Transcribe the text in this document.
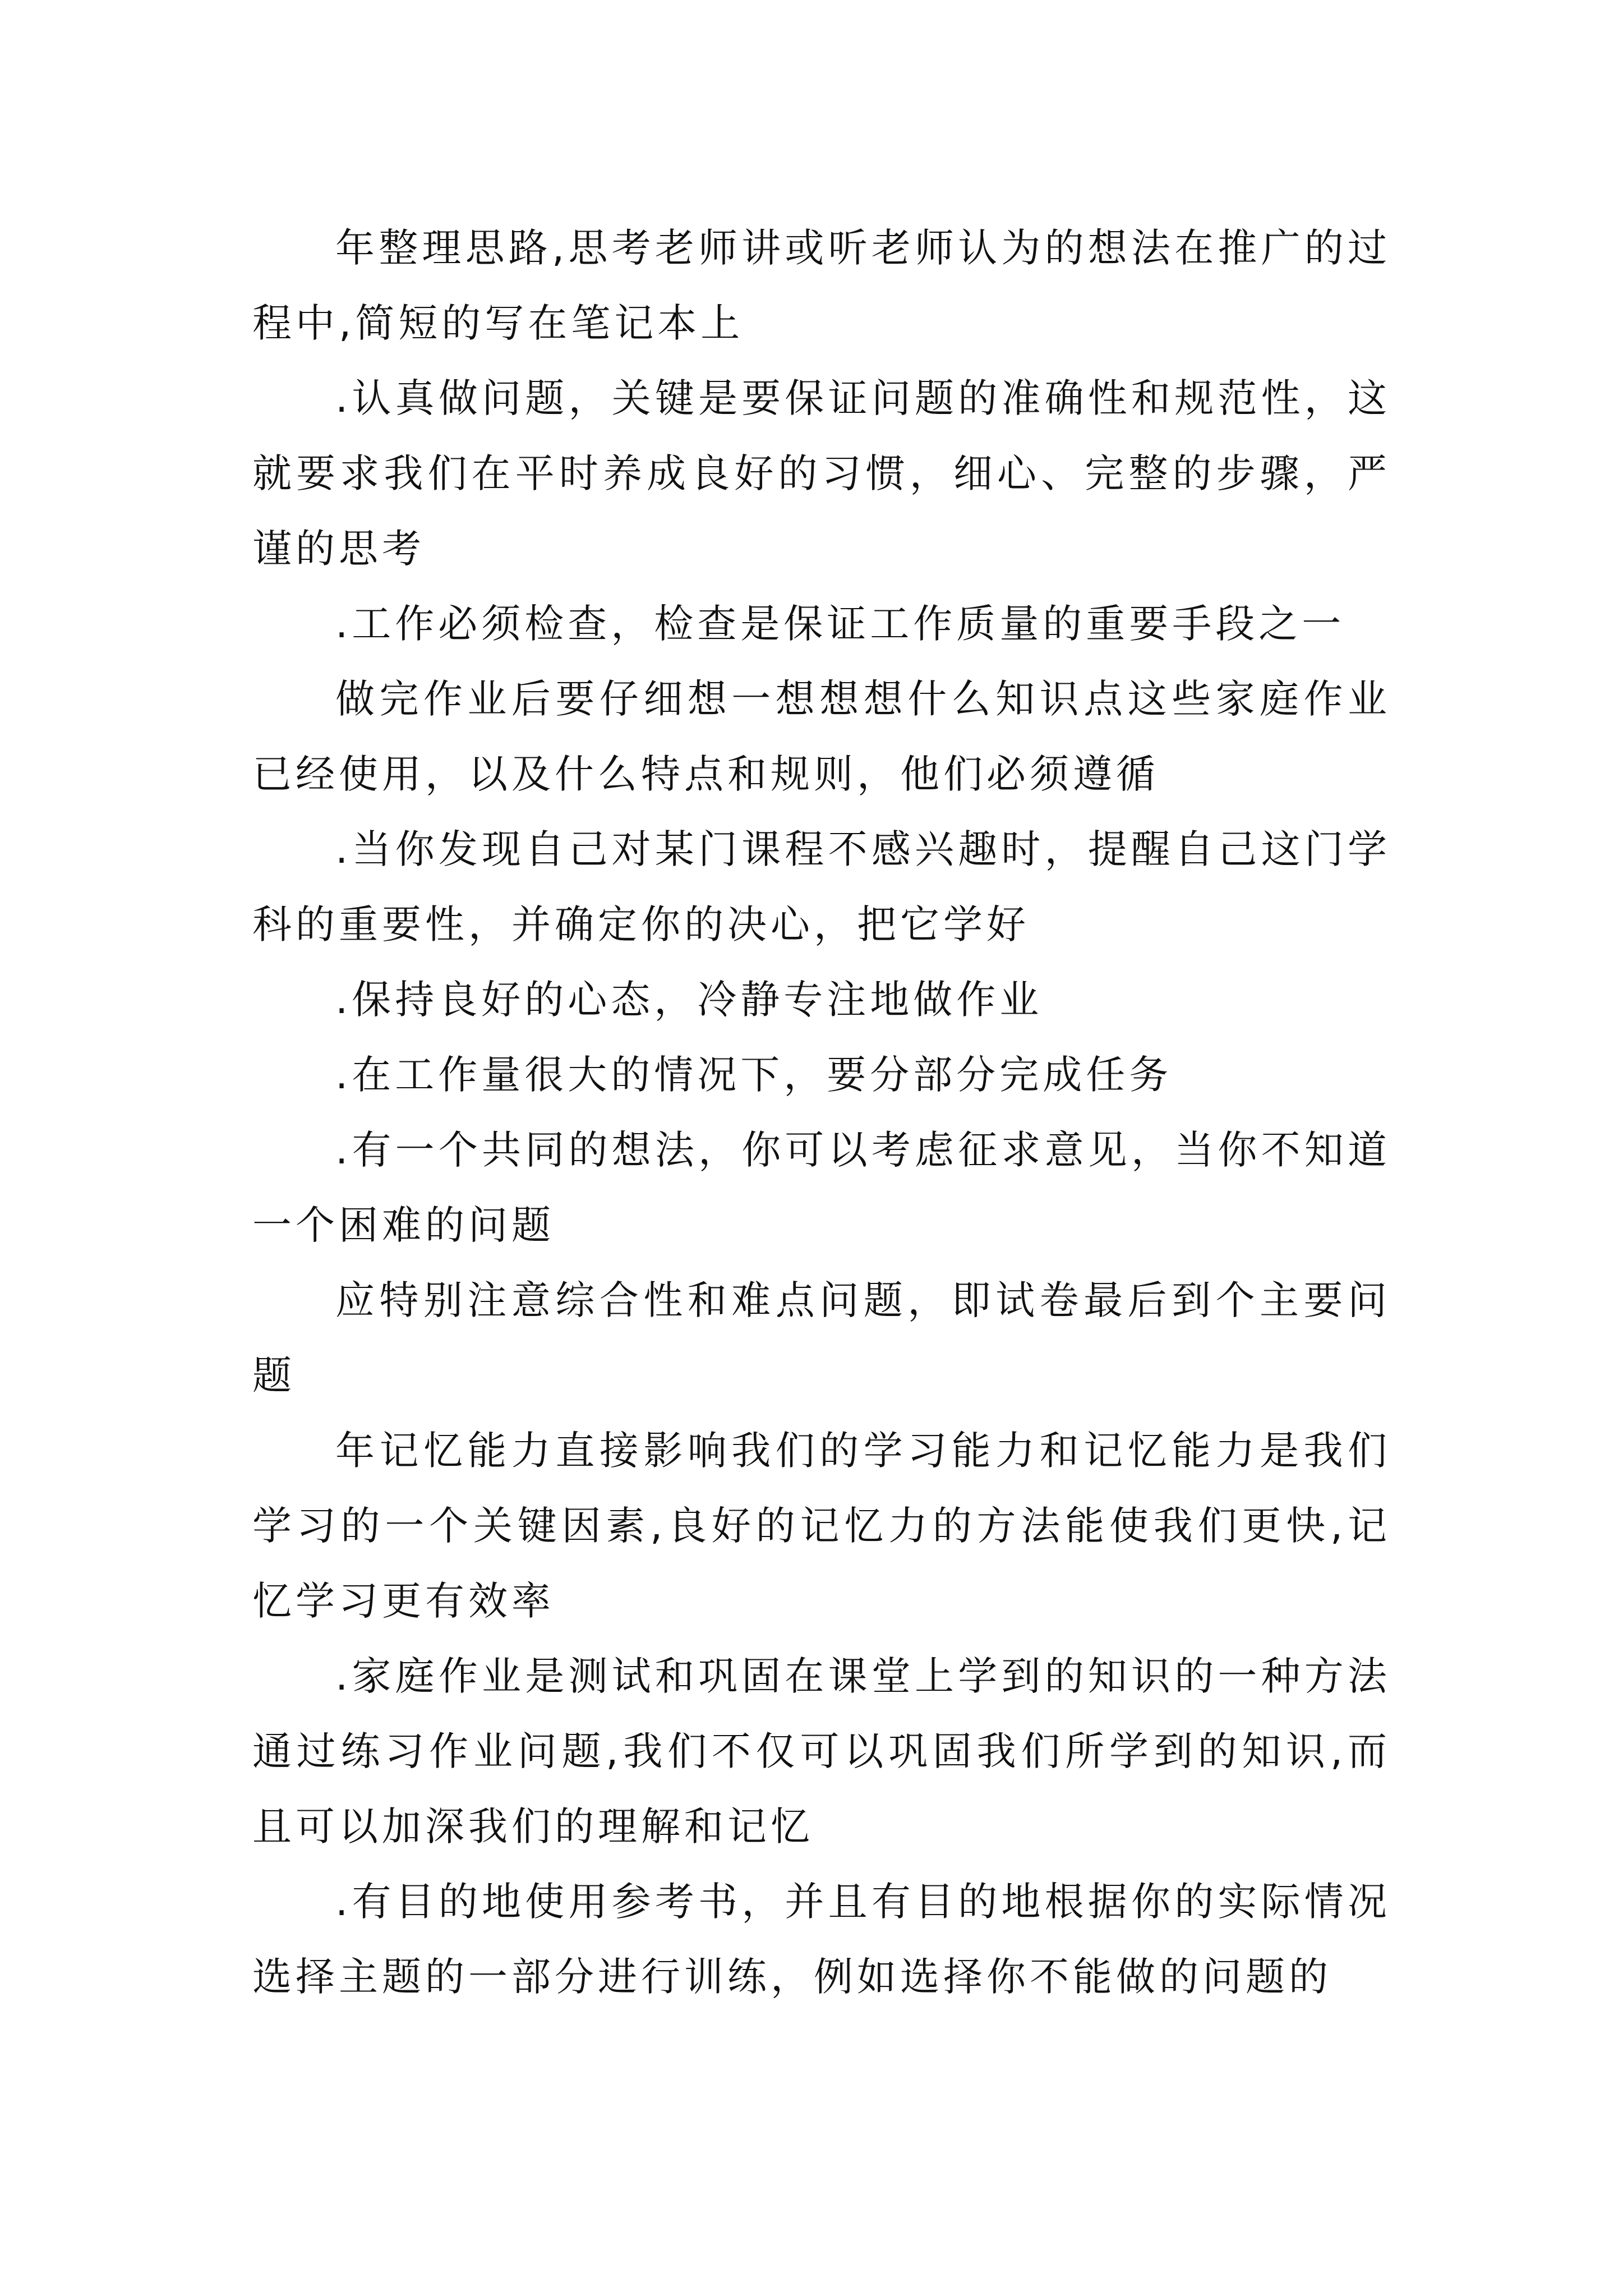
年整理思路,思考老师讲或听老师认为的想法在推广的过程中,简短的写在笔记本上

.认真做问题，关键是要保证问题的准确性和规范性，这就要求我们在平时养成良好的习惯，细心、完整的步骤，严谨的思考

.工作必须检查，检查是保证工作质量的重要手段之一

做完作业后要仔细想一想想想什么知识点这些家庭作业已经使用，以及什么特点和规则，他们必须遵循

.当你发现自己对某门课程不感兴趣时，提醒自己这门学科的重要性，并确定你的决心，把它学好

.保持良好的心态，冷静专注地做作业

.在工作量很大的情况下，要分部分完成任务

.有一个共同的想法，你可以考虑征求意见，当你不知道一个困难的问题

应特别注意综合性和难点问题，即试卷最后到个主要问题

年记忆能力直接影响我们的学习能力和记忆能力是我们学习的一个关键因素,良好的记忆力的方法能使我们更快,记忆学习更有效率

.家庭作业是测试和巩固在课堂上学到的知识的一种方法通过练习作业问题,我们不仅可以巩固我们所学到的知识,而且可以加深我们的理解和记忆

.有目的地使用参考书，并且有目的地根据你的实际情况选择主题的一部分进行训练，例如选择你不能做的问题的
